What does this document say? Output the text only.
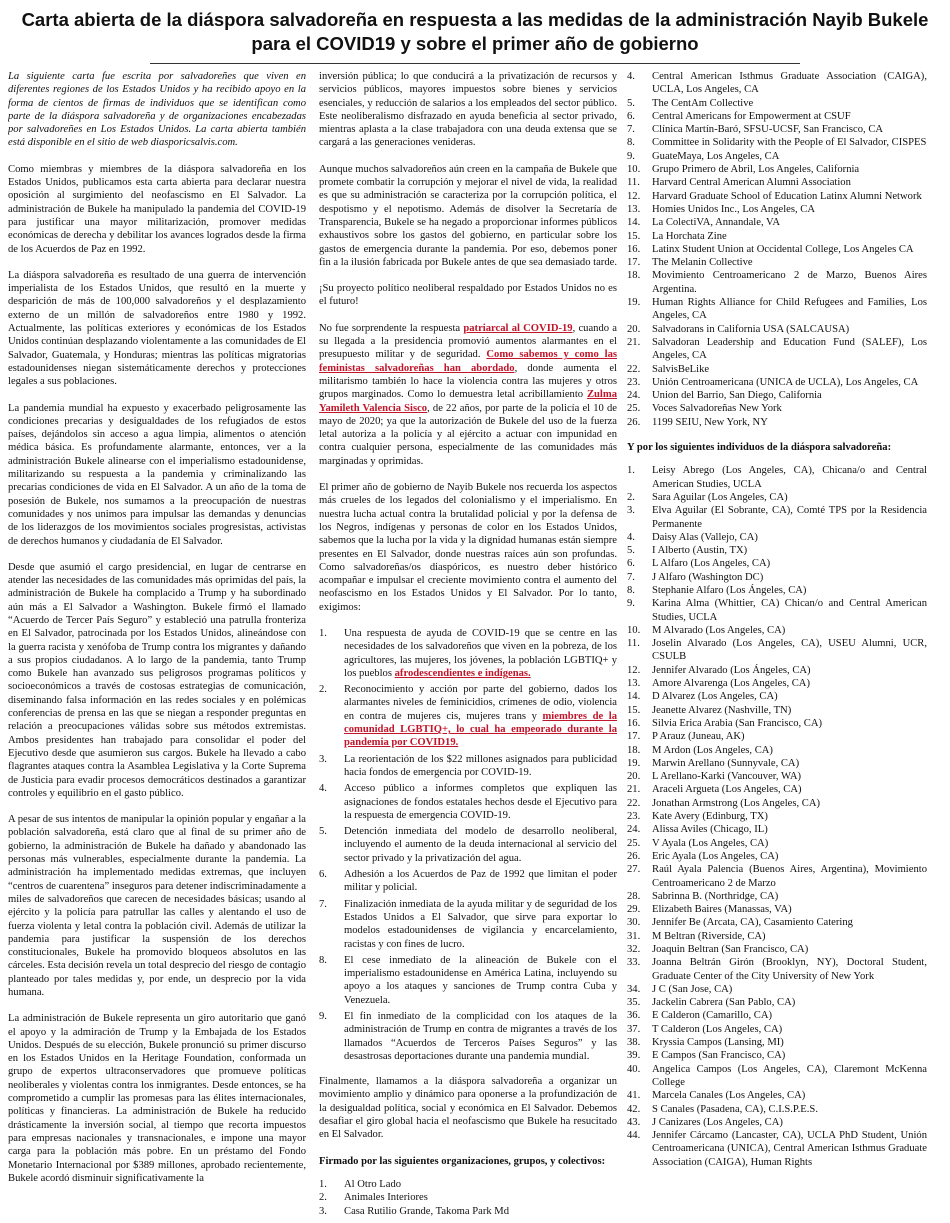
Carta abierta de la diáspora salvadoreña en respuesta a las medidas de la administración Nayib Bukele para el COVID19 y sobre el primer año de gobierno

La siguiente carta fue escrita por salvadoreñes que viven en diferentes regiones de los Estados Unidos y ha recibido apoyo en la forma de cientos de firmas de individuos que se identifican como parte de la diáspora salvadoreña y de organizaciones encabezadas por salvadoreñes en Los Estados Unidos. La carta abierta también está disponible en el sitio de web diasporicsalvis.com.

Como miembras y miembres de la diáspora salvadoreña en los Estados Unidos, publicamos esta carta abierta para declarar nuestra oposición al surgimiento del neofascismo en El Salvador. La administración de Bukele ha manipulado la pandemia del COVID-19 para justificar una mayor militarización, promover medidas económicas de derecha y debilitar los avances logrados desde la firma de los Acuerdos de Paz en 1992.

La diáspora salvadoreña es resultado de una guerra de intervención imperialista de los Estados Unidos, que resultó en la muerte y desparición de más de 100,000 salvadoreños y el desplazamiento externo de un millón de salvadoreños entre 1980 y 1992. Actualmente, las políticas exteriores y económicas de los Estados Unidos continúan desplazando violentamente a las comunidades de El Salvador, Guatemala, y Honduras; mientras las políticas migratorias estadounidenses niegan sistemáticamente derechos y protecciones legales a sus poblaciones.

La pandemia mundial ha expuesto y exacerbado peligrosamente las condiciones precarias y desigualdades de los refugiados de estos países, dejándolos sin acceso a agua limpia, alimentos o atención médica básica. Es profundamente alarmante, entonces, ver a la administración Bukele alinearse con el imperialismo estadounidense, militarizando su respuesta a la pandemia y criminalizando las precarias condiciones de vida en El Salvador. A un año de la toma de posesión de Bukele, nos sumamos a la preocupación de nuestras comunidades y nos unimos para impulsar las demandas y denuncias de los liderazgos de los movimientos sociales progresistas, activistas de derechos humanos y ciudadanía de El Salvador.

Desde que asumió el cargo presidencial, en lugar de centrarse en atender las necesidades de las comunidades más oprimidas del país, la administración de Bukele ha complacido a Trump y ha subordinado aún más a El Salvador a Washington. Bukele firmó el llamado “Acuerdo de Tercer País Seguro” y estableció una patrulla fronteriza en El Salvador, patrocinada por los Estados Unidos, alineándose con la guerra racista y xenófoba de Trump contra los migrantes y dañando a sus propios ciudadanos. A lo largo de la pandemia, tanto Trump como Bukele han avanzado sus peligrosos programas políticos y socioeconómicos a través de costosas estrategias de comunicación, diseminando falsa información en las redes sociales y en polémicas conferencias de prensa en las que se niegan a responder preguntas en relación a preocupaciones válidas sobre sus métodos extremistas. Ambos presidentes han trabajado para consolidar el poder del Ejecutivo desde que asumieron sus cargos. Bukele ha llevado a cabo flagrantes ataques contra la Asamblea Legislativa y la Corte Suprema de Justicia para evadir procesos democráticos destinados a garantizar controles y equilibrio en el gasto público.

A pesar de sus intentos de manipular la opinión popular y engañar a la población salvadoreña, está claro que al final de su primer año de gobierno, la administración de Bukele ha dañado y abandonado las personas más vulnerables, especialmente durante la pandemia. La administración ha implementado medidas extremas, que incluyen “centros de cuarentena” inseguros para detener indiscriminadamente a miles de salvadoreños que carecen de necesidades básicas; usando al ejército y la policía para patrullar las calles y alentando el uso de fuerza violenta y letal contra la población civil. Además de utilizar la pandemia para justificar la suspensión de los derechos constitucionales, Bukele ha promovido bloqueos absolutos en las cárceles. Esta decisión revela un total desprecio del riesgo de contagio planteado por tales medidas y, por ende, un desprecio por la vida humana.

La administración de Bukele representa un giro autoritario que ganó el apoyo y la admiración de Trump y la Embajada de los Estados Unidos. Después de su elección, Bukele pronunció su primer discurso en los Estados Unidos en la Heritage Foundation, conformada un grupo de expertos ultraconservadores que promueve políticas neoliberales y violentas contra los inmigrantes. Desde entonces, se ha comprometido a cumplir las promesas para las élites internacionales, políticas y financieras. La administración de Bukele ha reducido drásticamente la inversión social, al tiempo que recorta impuestos para empresas nacionales y transnacionales, e impone una mayor carga para la población más pobre. En un préstamo del Fondo Monetario Internacional por $389 millones, aprobado recientemente, Bukele acordó disminuir significativamente la

inversión pública; lo que conducirá a la privatización de recursos y servicios públicos, mayores impuestos sobre bienes y servicios esenciales, y reducción de salarios a los empleados del sector público. Este neoliberalismo disfrazado en ayuda beneficia al sector privado, mientras aplasta a la clase trabajadora con una deuda extensa que se cargará a las generaciones venideras.

Aunque muchos salvadoreños aún creen en la campaña de Bukele que promete combatir la corrupción y mejorar el nivel de vida, la realidad es que su administración se caracteriza por la corrupción política, el despotismo y el nepotismo. Además de disolver la Secretaría de Transparencia, Bukele se ha negado a proporcionar informes públicos exhaustivos sobre los gastos del gobierno, en particular sobre los gastos de emergencia durante la pandemia. Por eso, debemos poner fin a la ilusión fabricada por Bukele antes de que sea demasiado tarde.

¡Su proyecto político neoliberal respaldado por Estados Unidos no es el futuro!

No fue sorprendente la respuesta patriarcal al COVID-19, cuando a su llegada a la presidencia promovió aumentos alarmantes en el presupuesto militar y de seguridad. Como sabemos y como las feministas salvadoreñas han abordado, donde aumenta el militarismo también lo hace la violencia contra las mujeres y otros grupos marginados. Como lo demuestra letal acribillamiento Zulma Yamileth Valencia Sisco, de 22 años, por parte de la policía el 10 de mayo de 2020; ya que la autorización de Bukele del uso de la fuerza letal autoriza a la policía y al ejército a actuar con impunidad en contra cualquier persona, especialmente de las comunidades más marginadas y oprimidas.

El primer año de gobierno de Nayib Bukele nos recuerda los aspectos más crueles de los legados del colonialismo y el imperialismo. En nuestra lucha actual contra la brutalidad policial y por la defensa de los Negros, indígenas y personas de color en los Estados Unidos, sabemos que la lucha por la vida y la dignidad humanas están siempre presentes en El Salvador, donde nuestras raíces aún son profundas. Como salvadoreñas/os diaspóricos, es nuestro deber histórico acompañar e impulsar el creciente movimiento contra el aumento del neofascismo en los Estados Unidos y El Salvador. Por lo tanto, exigimos:

1.	Una respuesta de ayuda de COVID-19 que se centre en las necesidades de los salvadoreños que viven en la pobreza, de los agricultores, las mujeres, los jóvenes, la población LGBTIQ+ y los pueblos afrodescendientes e indígenas.
2.	Reconocimiento y acción por parte del gobierno, dados los alarmantes niveles de feminicidios, crímenes de odio, violencia en contra de mujeres cis, mujeres trans y miembres de la comunidad LGBTIQ+, lo cual ha empeorado durante la pandemia por COVID19.
3.	La reorientación de los $22 millones asignados para publicidad hacia fondos de emergencia por COVID-19.
4.	Acceso público a informes completos que expliquen las asignaciones de fondos estatales hechos desde el Ejecutivo para la respuesta de emergencia COVID-19.
5.	Detención inmediata del modelo de desarrollo neoliberal, incluyendo el aumento de la deuda internacional al servicio del sector privado y la privatización del agua.
6.	Adhesión a los Acuerdos de Paz de 1992 que limitan el poder militar y policial.
7.	Finalización inmediata de la ayuda militar y de seguridad de los Estados Unidos a El Salvador, que sirve para exportar lo modelos estadounidenses de vigilancia y encarcelamiento, racistas y con fines de lucro.
8.	El cese inmediato de la alineación de Bukele con el imperialismo estadounidense en América Latina, incluyendo su apoyo a los ataques y sanciones de Trump contra Cuba y Venezuela.
9.	El fin inmediato de la complicidad con los ataques de la administración de Trump en contra de migrantes a través de los llamados “Acuerdos de Terceros Países Seguros” y las desastrosas deportaciones durante una pandemia mundial.

Finalmente, llamamos a la diáspora salvadoreña a organizar un movimiento amplio y dinámico para oponerse a la profundización de la desigualdad política, social y económica en El Salvador. Debemos desafiar el giro global hacia el neofascismo que Bukele ha resucitado en El Salvador.

Firmado por las siguientes organizaciones, grupos, y colectivos:
1.	Al Otro Lado
2.	Animales Interiores
3.	Casa Rutilio Grande, Takoma Park Md
4.	Central American Isthmus Graduate Association (CAIGA), UCLA, Los Angeles, CA
5.	The CentAm Collective
6.	Central Americans for Empowerment at CSUF
7.	Clínica Martín-Baró, SFSU-UCSF, San Francisco, CA
8.	Committee in Solidarity with the People of El Salvador, CISPES
9.	GuateMaya, Los Angeles, CA
10.	Grupo Primero de Abril, Los Angeles, California
11.	Harvard Central American Alumni Association
12.	Harvard Graduate School of Education Latinx Alumni Network
13.	Homies Unidos Inc., Los Angeles, CA
14.	La ColectiVA, Annandale, VA
15.	La Horchata Zine
16.	Latinx Student Union at Occidental College, Los Angeles CA
17.	The Melanin Collective
18.	Movimiento Centroamericano 2 de Marzo, Buenos Aires Argentina.
19.	Human Rights Alliance for Child Refugees and Families, Los Angeles, CA
20.	Salvadorans in California USA (SALCAUSA)
21.	Salvadoran Leadership and Education Fund (SALEF), Los Angeles, CA
22.	SalvisBeLike
23.	Unión Centroamericana (UNICA de UCLA), Los Angeles, CA
24.	Union del Barrio, San Diego, California
25.	Voces Salvadoreñas New York
26.	1199 SEIU, New York, NY
Y por los siguientes individuos de la diáspora salvadoreña:
1.	Leisy Abrego (Los Angeles, CA), Chicana/o and Central American Studies, UCLA
2.	Sara Aguilar (Los Angeles, CA)
3.	Elva Aguilar (El Sobrante, CA), Comté TPS por la Residencia Permanente
4.	Daisy Alas (Vallejo, CA)
5.	I Alberto (Austin, TX)
6.	L Alfaro (Los Angeles, CA)
7.	J Alfaro (Washington DC)
8.	Stephanie Alfaro (Los Ángeles, CA)
9.	Karina Alma (Whittier, CA) Chican/o and Central American Studies, UCLA
10.	M Alvarado (Los Angeles, CA)
11.	Joselin Alvarado (Los Angeles, CA), USEU Alumni, UCR, CSULB
12.	Jennifer Alvarado (Los Ángeles, CA)
13.	Amore Alvarenga (Los Angeles, CA)
14.	D Alvarez (Los Angeles, CA)
15.	Jeanette Alvarez (Nashville, TN)
16.	Silvia Erica Arabia (San Francisco, CA)
17.	P Arauz (Juneau, AK)
18.	M Ardon (Los Angeles, CA)
19.	Marwin Arellano (Sunnyvale, CA)
20.	L Arellano-Karki (Vancouver, WA)
21.	Araceli Argueta (Los Angeles, CA)
22.	Jonathan Armstrong (Los Angeles, CA)
23.	Kate Avery (Edinburg, TX)
24.	Alissa Aviles (Chicago, IL)
25.	V Ayala (Los Angeles, CA)
26.	Eric Ayala (Los Angeles, CA)
27.	Raúl Ayala Palencia (Buenos Aires, Argentina), Movimiento Centroamericano 2 de Marzo
28.	Sabrinna B. (Northridge, CA)
29.	Elizabeth Baires (Manassas, VA)
30.	Jennifer Be (Arcata, CA), Casamiento Catering
31.	M Beltran (Riverside, CA)
32.	Joaquin Beltran (San Francisco, CA)
33.	Joanna Beltrán Girón (Brooklyn, NY), Doctoral Student, Graduate Center of the City University of New York
34.	J C (San Jose, CA)
35.	Jackelin Cabrera (San Pablo, CA)
36.	E Calderon (Camarillo, CA)
37.	T Calderon (Los Angeles, CA)
38.	Kryssia Campos (Lansing, MI)
39.	E Campos (San Francisco, CA)
40.	Angelica Campos (Los Angeles, CA), Claremont McKenna College
41.	Marcela Canales (Los Angeles, CA)
42.	S Canales (Pasadena, CA), C.I.S.P.E.S.
43.	J Canizares (Los Angeles, CA)
44.	Jennifer Cárcamo (Lancaster, CA), UCLA PhD Student, Unión Centroamericana (UNICA), Central American Isthmus Graduate Association (CAIGA), Human Rights
